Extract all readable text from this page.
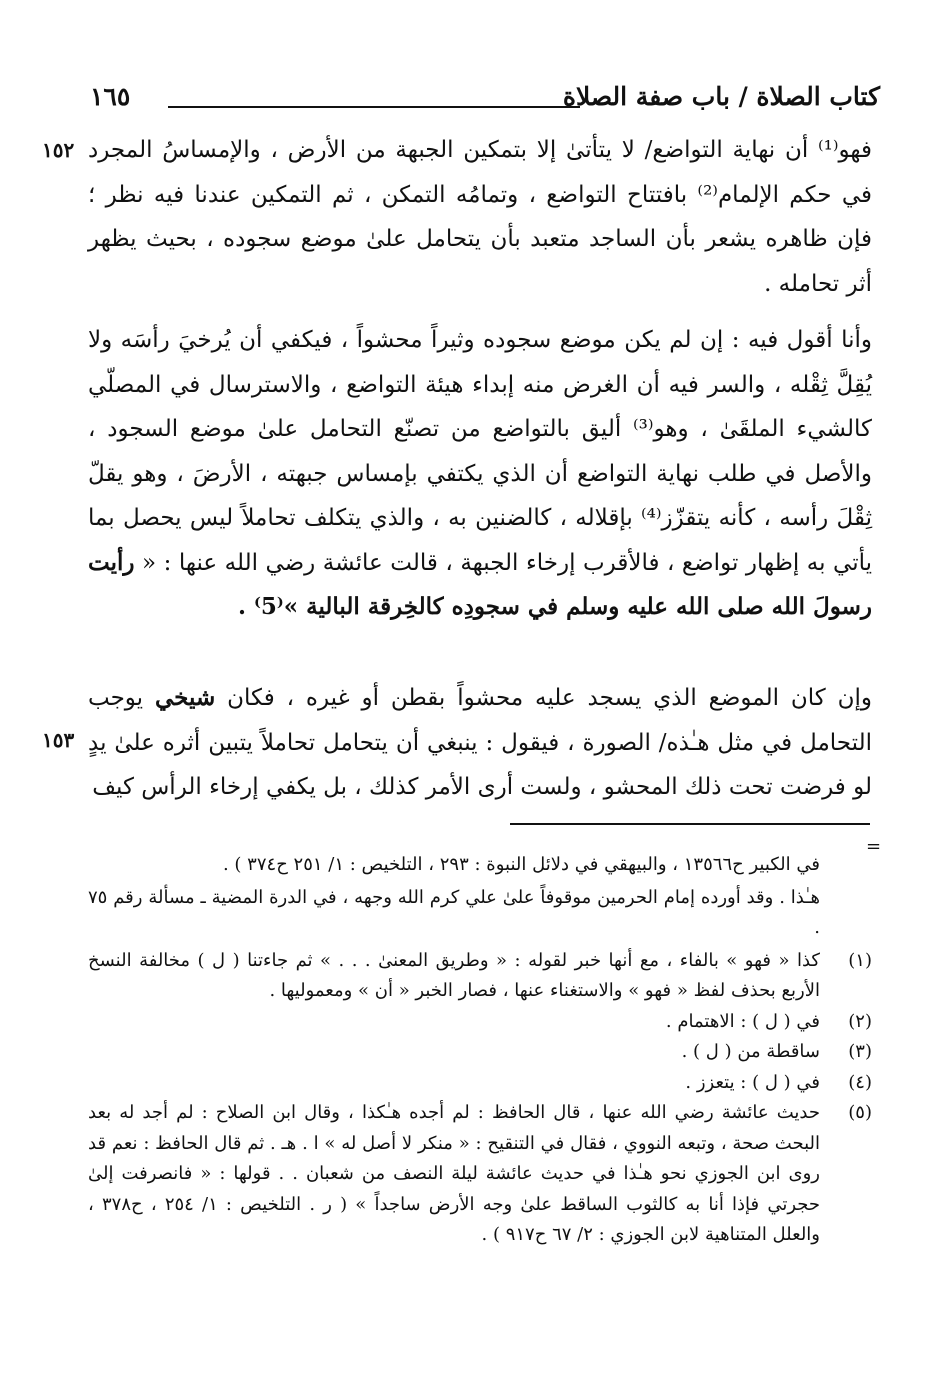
كتاب الصلاة / باب صفة الصلاة
١٦٥
١٥٢
١٥٣

فهو⁽¹⁾ أن نهاية التواضع/ لا يتأتىٰ إلا بتمكين الجبهة من الأرض ، والإمساسُ المجرد في حكم الإلمام⁽²⁾ بافتتاح التواضع ، وتمامُه التمكن ، ثم التمكين عندنا فيه نظر ؛ فإن ظاهره يشعر بأن الساجد متعبد بأن يتحامل علىٰ موضع سجوده ، بحيث يظهر أثر تحامله .

وأنا أقول فيه : إن لم يكن موضع سجوده وثيراً محشواً ، فيكفي أن يُرخيَ رأسَه ولا يُقِلَّ ثِقْله ، والسر فيه أن الغرض منه إبداء هيئة التواضع ، والاسترسال في المصلّي كالشيء الملقَىٰ ، وهو⁽³⁾ أليق بالتواضع من تصنّع التحامل علىٰ موضع السجود ، والأصل في طلب نهاية التواضع أن الذي يكتفي بإمساس جبهته ، الأرضَ ، وهو يقلّ ثِقْلَ رأسه ، كأنه يتقزّز⁽⁴⁾ بإقلاله ، كالضنين به ، والذي يتكلف تحاملاً ليس يحصل بما يأتي به إظهار تواضع ، فالأقرب إرخاء الجبهة ، قالت عائشة رضي الله عنها : « رأيت رسولَ الله صلى الله عليه وسلم في سجودِه كالخِرقة البالية »⁽5⁾ .

وإن كان الموضع الذي يسجد عليه محشواً بقطن أو غيره ، فكان شيخي يوجب التحامل في مثل هـٰذه/ الصورة ، فيقول : ينبغي أن يتحامل تحاملاً يتبين أثره علىٰ يدٍ لو فرضت تحت ذلك المحشو ، ولست أرى الأمر كذلك ، بل يكفي إرخاء الرأس كيف

=

في الكبير ح١٣٥٦٦ ، والبيهقي في دلائل النبوة : ٢٩٣ ، التلخيص : ١/ ٢٥١ ح٣٧٤ ) .

هـٰذا . وقد أورده إمام الحرمين موقوفاً علىٰ علي كرم الله وجهه ، في الدرة المضية ـ مسألة رقم ٧٥ .

(١)
كذا « فهو » بالفاء ، مع أنها خبر لقوله : « وطريق المعنىٰ . . . » ثم جاءتنا ( ل ) مخالفة النسخ الأربع بحذف لفظ « فهو » والاستغناء عنها ، فصار الخبر « أن » ومعموليها .
(٢)
في ( ل ) : الاهتمام .
(٣)
ساقطة من ( ل ) .
(٤)
في ( ل ) : يتعزز .
(٥)
حديث عائشة رضي الله عنها ، قال الحافظ : لم أجده هـٰكذا ، وقال ابن الصلاح : لم أجد له بعد البحث صحة ، وتبعه النووي ، فقال في التنقيح : « منكر لا أصل له » ا . هـ . ثم قال الحافظ : نعم قد روى ابن الجوزي نحو هـٰذا في حديث عائشة ليلة النصف من شعبان . . قولها : « فانصرفت إلىٰ حجرتي فإذا أنا به كالثوب الساقط علىٰ وجه الأرض ساجداً » ( ر . التلخيص : ١/ ٢٥٤ ، ح٣٧٨ ، والعلل المتناهية لابن الجوزي : ٢/ ٦٧ ح٩١٧ ) .
